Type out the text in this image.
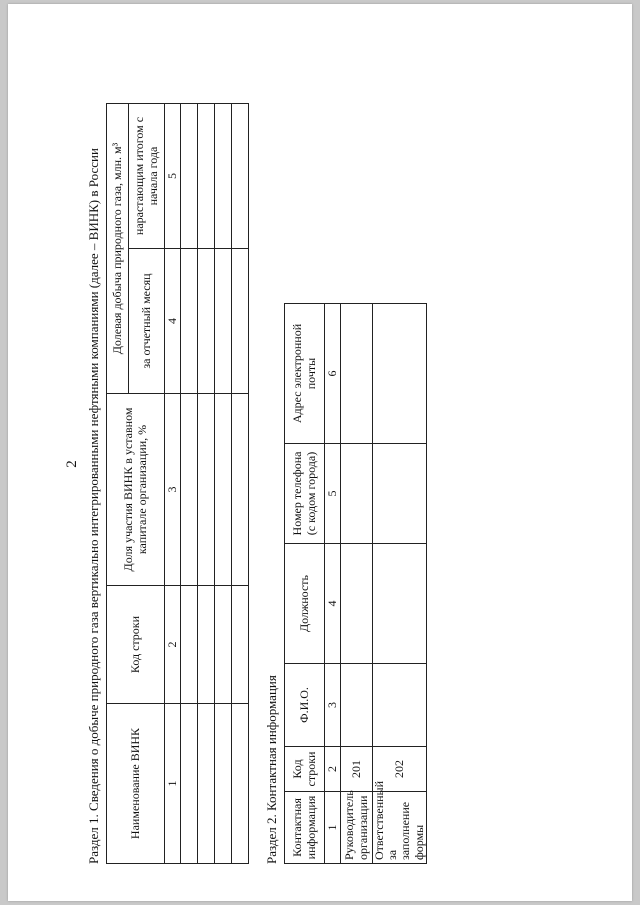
2 Раздел 1. Сведения о добыче природного газа вертикально интегрированными нефтяными компаниями (далее – ВИНК) в России Наименование ВИНК	Код строки	Доля участия ВИНК в уставном капитале организации, %	Долевая добыча природного газа, млн. м³	
			за отчетный месяц	нарастающим итогом с начала года
1	2	3	4	5

Раздел 2. Контактная информация Контактная информация	Код строки	Ф.И.О.	Должность	Номер телефона (с кодом города)	Адрес электронной почты
1	2	3	4	5	6
Руководитель организации	201				
Ответственный за заполнение формы	202				
